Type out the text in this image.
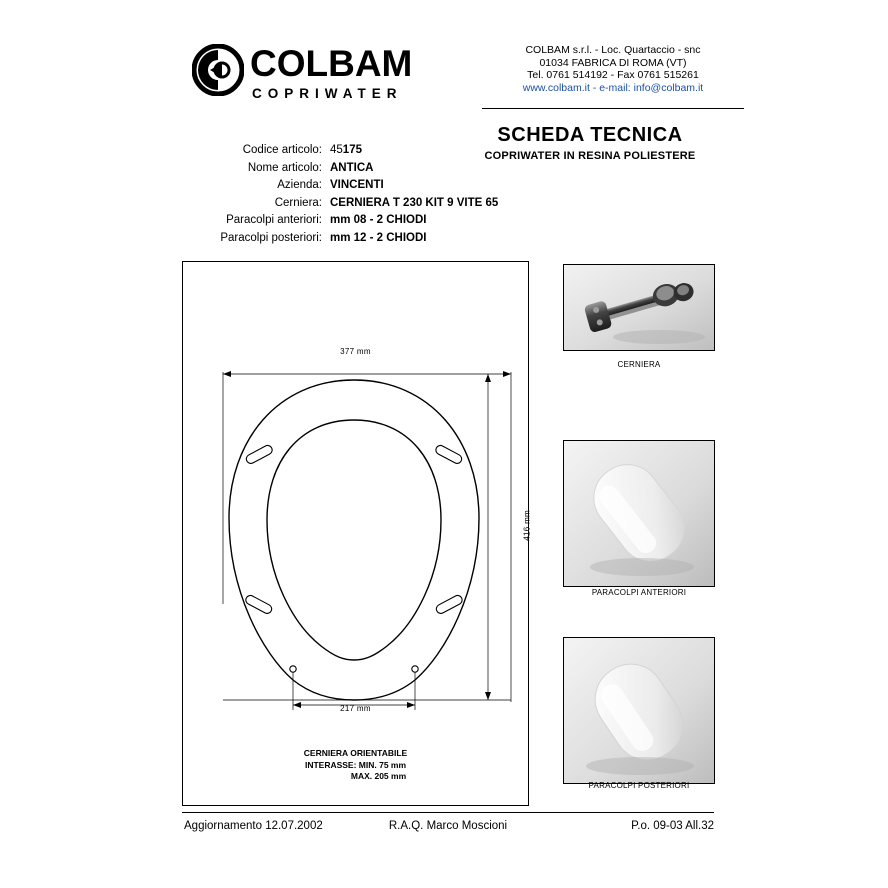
COLBAM
COPRIWATER
COLBAM s.r.l. - Loc. Quartaccio - snc
01034 FABRICA DI ROMA (VT)
Tel. 0761 514192 - Fax 0761 515261
www.colbam.it - e-mail: info@colbam.it
SCHEDA TECNICA
COPRIWATER IN RESINA POLIESTERE
Codice articolo: 45175
Nome articolo: ANTICA
Azienda: VINCENTI
Cerniera: CERNIERA T 230 KIT 9 VITE 65
Paracolpi anteriori: mm 08 - 2 CHIODI
Paracolpi posteriori: mm 12 - 2 CHIODI
377 mm
416 mm
217 mm
CERNIERA ORIENTABILE
INTERASSE: MIN. 75 mm
MAX. 205 mm
CERNIERA
PARACOLPI ANTERIORI
PARACOLPI POSTERIORI
Aggiornamento 12.07.2002	R.A.Q. Marco Moscioni	P.o. 09-03 All.32
